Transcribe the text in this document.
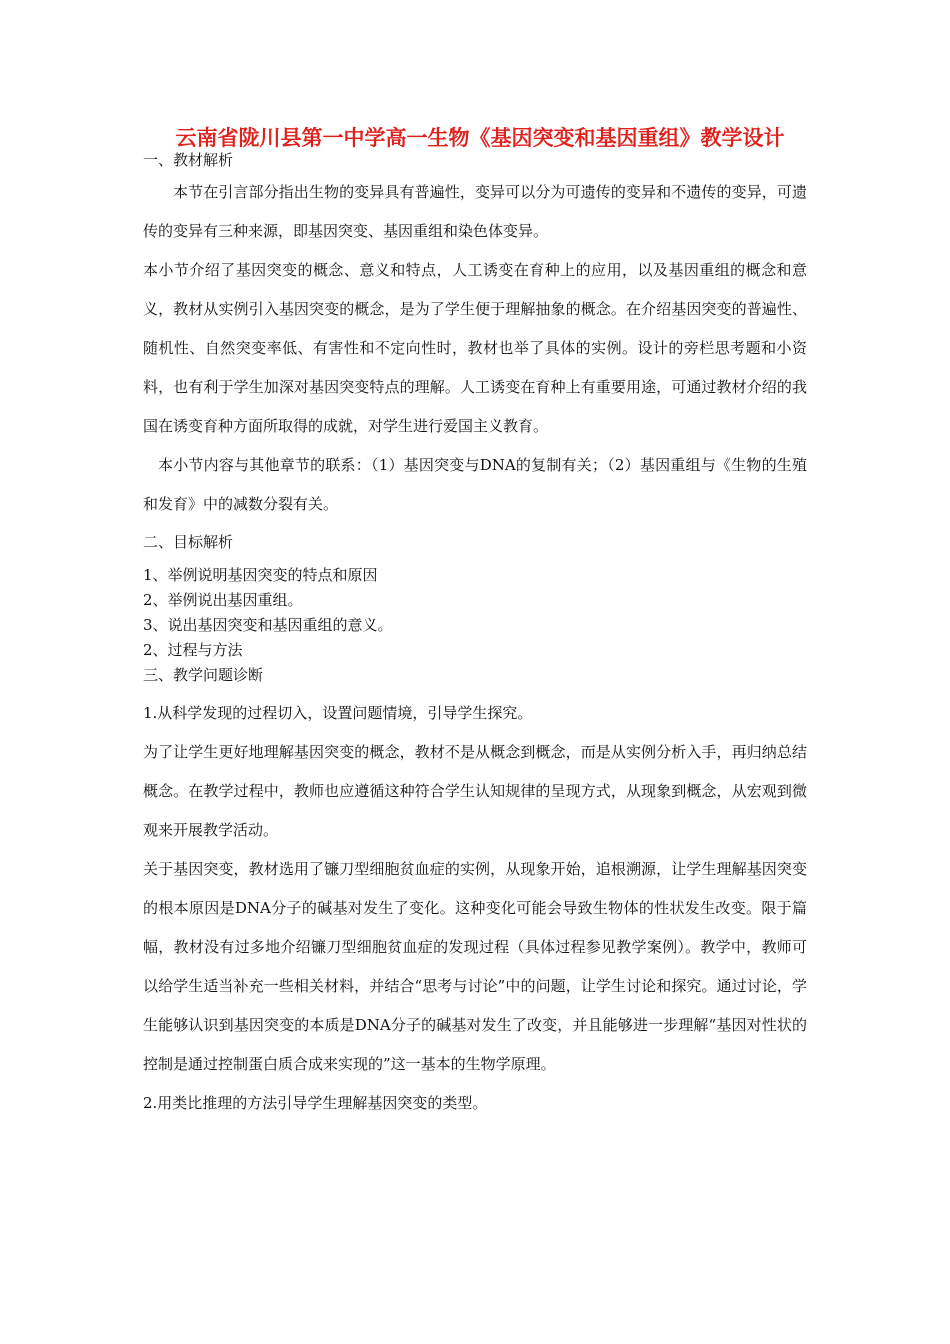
云南省陇川县第一中学高一生物《基因突变和基因重组》教学设计
一、教材解析

本节在引言部分指出生物的变异具有普遍性，变异可以分为可遗传的变异和不遗传的变异，可遗传的变异有三种来源，即基因突变、基因重组和染色体变异。

本小节介绍了基因突变的概念、意义和特点，人工诱变在育种上的应用，以及基因重组的概念和意义，教材从实例引入基因突变的概念，是为了学生便于理解抽象的概念。在介绍基因突变的普遍性、随机性、自然突变率低、有害性和不定向性时，教材也举了具体的实例。设计的旁栏思考题和小资料，也有利于学生加深对基因突变特点的理解。人工诱变在育种上有重要用途，可通过教材介绍的我国在诱变育种方面所取得的成就，对学生进行爱国主义教育。

本小节内容与其他章节的联系：（1）基因突变与DNA的复制有关；（2）基因重组与《生物的生殖和发育》中的减数分裂有关。

二、目标解析
1、举例说明基因突变的特点和原因
2、举例说出基因重组。
3、说出基因突变和基因重组的意义。
2、过程与方法
三、教学问题诊断

1.从科学发现的过程切入，设置问题情境，引导学生探究。

为了让学生更好地理解基因突变的概念，教材不是从概念到概念，而是从实例分析入手，再归纳总结概念。在教学过程中，教师也应遵循这种符合学生认知规律的呈现方式，从现象到概念，从宏观到微观来开展教学活动。

关于基因突变，教材选用了镰刀型细胞贫血症的实例，从现象开始，追根溯源，让学生理解基因突变的根本原因是DNA分子的碱基对发生了变化。这种变化可能会导致生物体的性状发生改变。限于篇幅，教材没有过多地介绍镰刀型细胞贫血症的发现过程（具体过程参见教学案例）。教学中，教师可以给学生适当补充一些相关材料，并结合“思考与讨论”中的问题，让学生讨论和探究。通过讨论，学生能够认识到基因突变的本质是DNA分子的碱基对发生了改变，并且能够进一步理解“基因对性状的控制是通过控制蛋白质合成来实现的”这一基本的生物学原理。

2.用类比推理的方法引导学生理解基因突变的类型。
